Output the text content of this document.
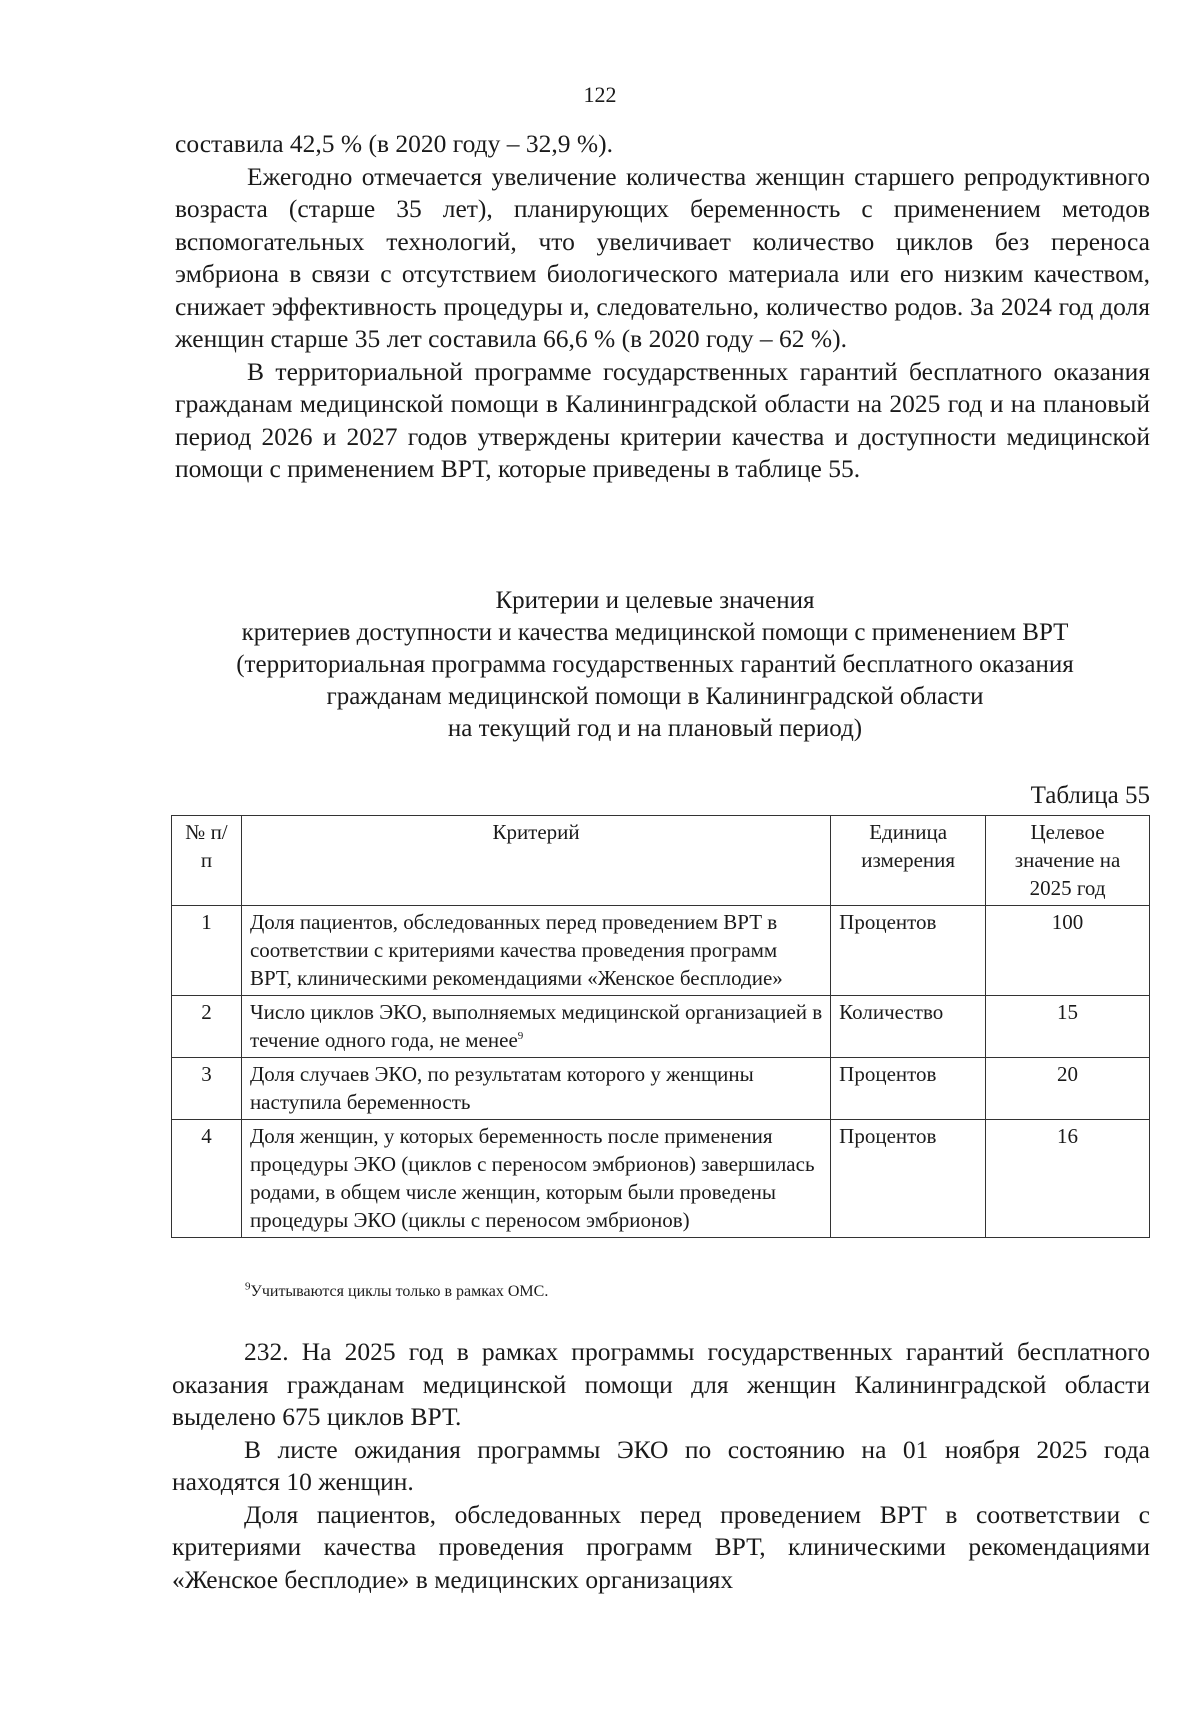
122

составила 42,5 % (в 2020 году – 32,9 %).

Ежегодно отмечается увеличение количества женщин старшего репродуктивного возраста (старше 35 лет), планирующих беременность с применением методов вспомогательных технологий, что увеличивает количество циклов без переноса эмбриона в связи с отсутствием биологического материала или его низким качеством, снижает эффективность процедуры и, следовательно, количество родов. За 2024 год доля женщин старше 35 лет составила 66,6 % (в 2020 году – 62 %).

В территориальной программе государственных гарантий бесплатного оказания гражданам медицинской помощи в Калининградской области на 2025 год и на плановый период 2026 и 2027 годов утверждены критерии качества и доступности медицинской помощи с применением ВРТ, которые приведены в таблице 55.

Критерии и целевые значения
критериев доступности и качества медицинской помощи с применением ВРТ
(территориальная программа государственных гарантий бесплатного оказания
гражданам медицинской помощи в Калининградской области
на текущий год и на плановый период)
Таблица 55
№ п/п	Критерий	Единица измерения	Целевое значение на 2025 год
1	Доля пациентов, обследованных перед проведением ВРТ в соответствии с критериями качества проведения программ ВРТ, клиническими рекомендациями «Женское бесплодие»	Процентов	100
2	Число циклов ЭКО, выполняемых медицинской организацией в течение одного года, не менее$^9$	Количество	15
3	Доля случаев ЭКО, по результатам которого у женщины наступила беременность	Процентов	20
4	Доля женщин, у которых беременность после применения процедуры ЭКО (циклов с переносом эмбрионов) завершилась родами, в общем числе женщин, которым были проведены процедуры ЭКО (циклы с переносом эмбрионов)	Процентов	16
$^9$Учитываются циклы только в рамках ОМС.

232. На 2025 год в рамках программы государственных гарантий бесплатного оказания гражданам медицинской помощи для женщин Калининградской области выделено 675 циклов ВРТ.

В листе ожидания программы ЭКО по состоянию на 01 ноября 2025 года находятся 10 женщин.

Доля пациентов, обследованных перед проведением ВРТ в соответствии с критериями качества проведения программ ВРТ, клиническими рекомендациями «Женское бесплодие» в медицинских организациях
